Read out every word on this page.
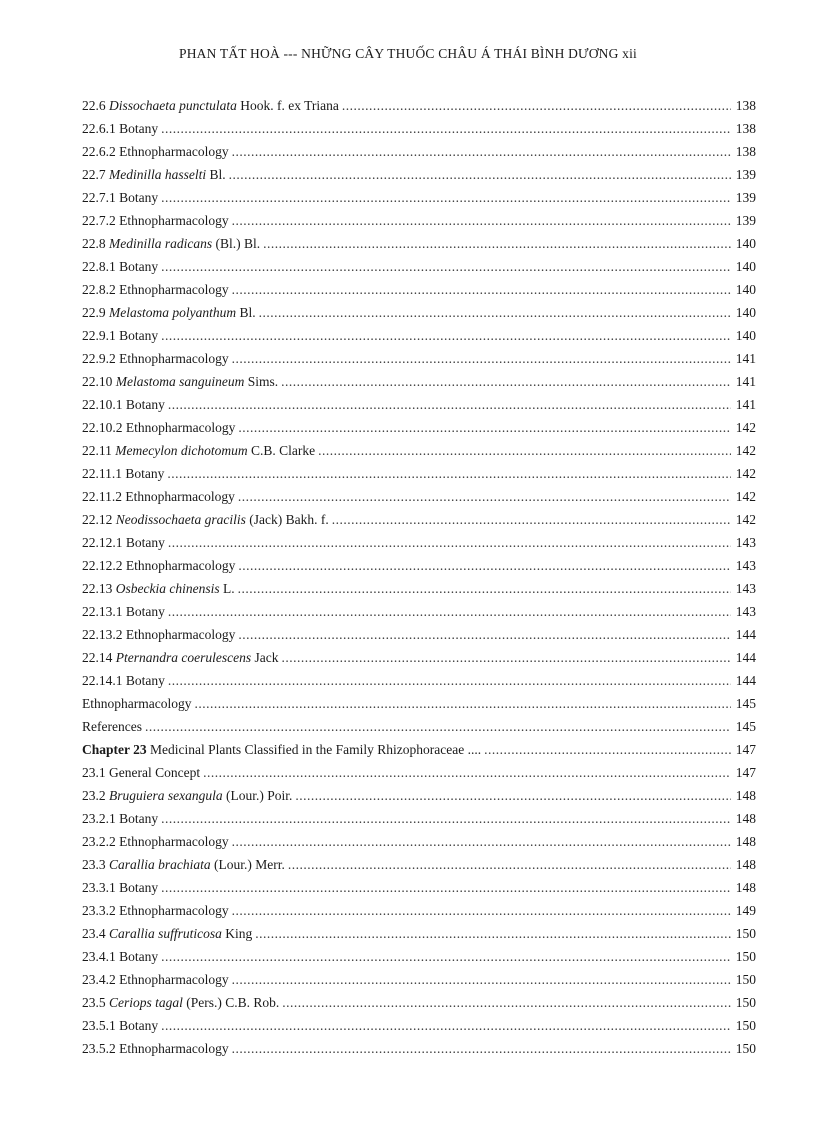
PHAN TẤT HOÀ --- NHỮNG CÂY THUỐC CHÂU Á THÁI BÌNH DƯƠNG xii
22.6 Dissochaeta punctulata Hook. f. ex Triana .....	138
22.6.1 Botany .....	138
22.6.2 Ethnopharmacology .....	138
22.7 Medinilla hasselti Bl. .....	139
22.7.1 Botany .....	139
22.7.2 Ethnopharmacology .....	139
22.8 Medinilla radicans (Bl.) Bl. .....	140
22.8.1 Botany .....	140
22.8.2 Ethnopharmacology .....	140
22.9 Melastoma polyanthum Bl. .....	140
22.9.1 Botany .....	140
22.9.2 Ethnopharmacology .....	141
22.10 Melastoma sanguineum Sims. .....	141
22.10.1 Botany .....	141
22.10.2 Ethnopharmacology .....	142
22.11 Memecylon dichotomum C.B. Clarke .....	142
22.11.1 Botany .....	142
22.11.2 Ethnopharmacology .....	142
22.12 Neodissochaeta gracilis (Jack) Bakh. f. .....	142
22.12.1 Botany .....	143
22.12.2 Ethnopharmacology .....	143
22.13 Osbeckia chinensis L. .....	143
22.13.1 Botany .....	143
22.13.2 Ethnopharmacology .....	144
22.14 Pternandra coerulescens Jack .....	144
22.14.1 Botany .....	144
Ethnopharmacology .....	145
References .....	145
Chapter 23 Medicinal Plants Classified in the Family Rhizophoraceae .... .....	147
23.1 General Concept .....	147
23.2 Bruguiera sexangula (Lour.) Poir. .....	148
23.2.1 Botany .....	148
23.2.2 Ethnopharmacology .....	148
23.3 Carallia brachiata (Lour.) Merr. .....	148
23.3.1 Botany .....	148
23.3.2 Ethnopharmacology .....	149
23.4 Carallia suffruticosa King .....	150
23.4.1 Botany .....	150
23.4.2 Ethnopharmacology .....	150
23.5 Ceriops tagal (Pers.) C.B. Rob. .....	150
23.5.1 Botany .....	150
23.5.2 Ethnopharmacology .....	150
